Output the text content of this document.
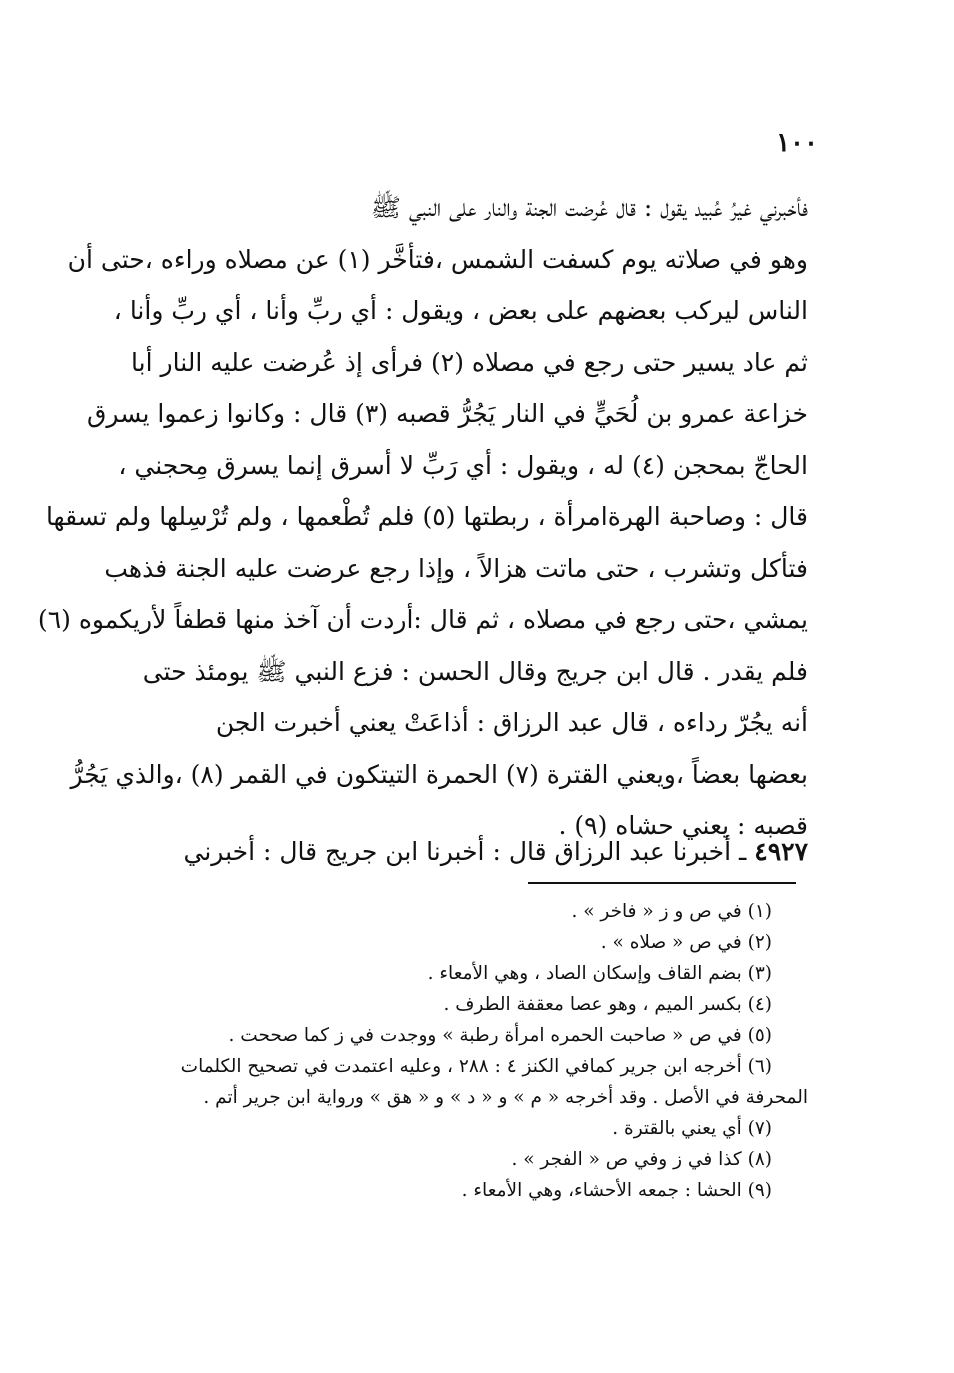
١٠٠
فأخبرني غيرُ عُبيد يقول : قال عُرضت الجنة والنار على النبي ﷺ
وهو في صلاته يوم كسفت الشمس ،فتأخَّر (١) عن مصلاه وراءه ،حتى أن
الناس ليركب بعضهم على بعض ، ويقول : أي ربِّ وأنا ، أي ربِّ وأنا ،
ثم عاد يسير حتى رجع في مصلاه (٢) فرأى إذ عُرضت عليه النار أبا
خزاعة عمرو بن لُحَيٍّ في النار يَجُرُّ قصبه (٣) قال : وكانوا زعموا يسرق
الحاجّ بمحجن (٤) له ، ويقول : أي رَبِّ لا أسرق إنما يسرق مِحجني ،
قال : وصاحبة الهرةامرأة ، ربطتها (٥) فلم تُطْعمها ، ولم تُرْسِلها ولم تسقها
فتأكل وتشرب ، حتى ماتت هزالاً ، وإذا رجع عرضت عليه الجنة فذهب
يمشي ،حتى رجع في مصلاه ، ثم قال :أردت أن آخذ منها قطفاً لأريكموه (٦)
فلم يقدر . قال ابن جريج وقال الحسن : فزع النبي ﷺ يومئذ حتى
أنه يجُرّ رداءه ، قال عبد الرزاق : أذاعَتْ يعني أخبرت الجن
بعضها بعضاً ،ويعني القترة (٧) الحمرة التيتكون في القمر (٨) ،والذي يَجُرُّ
قصبه : يعني حشاه (٩) .
٤٩٢٧ ـ أخبرنا عبد الرزاق قال : أخبرنا ابن جريج قال : أخبرني
(١) في ص و ز « فاخر » .
(٢) في ص « صلاه » .
(٣) بضم القاف وإسكان الصاد ، وهي الأمعاء .
(٤) بكسر الميم ، وهو عصا معقفة الطرف .
(٥) في ص « صاحبت الحمره امرأة رطبة » ووجدت في ز كما صححت .
(٦) أخرجه ابن جرير كمافي الكنز ٤ : ٢٨٨ ، وعليه اعتمدت في تصحيح الكلمات
المحرفة في الأصل . وقد أخرجه « م » و « د » و « هق » ورواية ابن جرير أتم .
(٧) أي يعني بالقترة .
(٨) كذا في ز وفي ص « الفجر » .
(٩) الحشا : جمعه الأحشاء، وهي الأمعاء .
